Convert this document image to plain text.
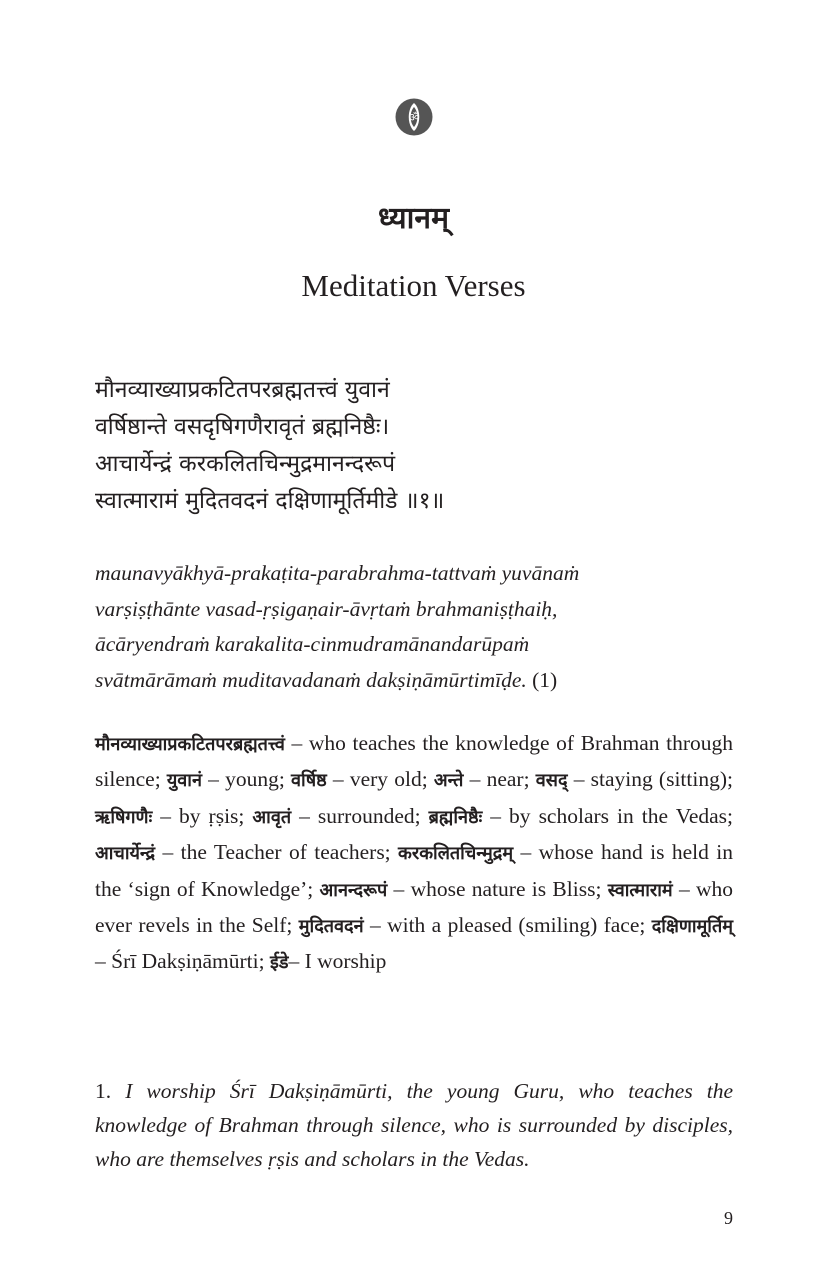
ॐ
ध्यानम्
Meditation Verses
मौनव्याख्याप्रकटितपरब्रह्मतत्त्वं युवानं
वर्षिष्ठान्ते वसदृषिगणैरावृतं ब्रह्मनिष्ठैः।
आचार्येन्द्रं करकलितचिन्मुद्रमानन्दरूपं
स्वात्मारामं मुदितवदनं दक्षिणामूर्तिमीडे ॥१॥
maunavyākhyā-prakaṭita-parabrahma-tattvaṁ yuvānaṁ
varṣiṣṭhānte vasad-ṛṣigaṇair-āvṛtaṁ brahmaniṣṭhaiḥ,
ācāryendraṁ karakalita-cinmudramānandarūpaṁ
svātmārāmaṁ muditavadanaṁ dakṣiṇāmūrtimīḍe. (1)
मौनव्याख्याप्रकटितपरब्रह्मतत्त्वं – who teaches the knowledge of Brahman through silence; युवानं – young; वर्षिष्ठ – very old; अन्ते – near; वसद् – staying (sitting); ऋषिगणैः – by ṛṣis; आवृतं – surrounded; ब्रह्मनिष्ठैः – by scholars in the Vedas; आचार्येन्द्रं – the Teacher of teachers; करकलितचिन्मुद्रम् – whose hand is held in the ‘sign of Knowledge’; आनन्दरूपं – whose nature is Bliss; स्वात्मारामं – who ever revels in the Self; मुदितवदनं – with a pleased (smiling) face; दक्षिणामूर्तिम् – Śrī Dakṣiṇāmūrti; ईडे– I worship
1. I worship Śrī Dakṣiṇāmūrti, the young Guru, who teaches the knowledge of Brahman through silence, who is surrounded by disciples, who are themselves ṛṣis and scholars in the Vedas.
9
